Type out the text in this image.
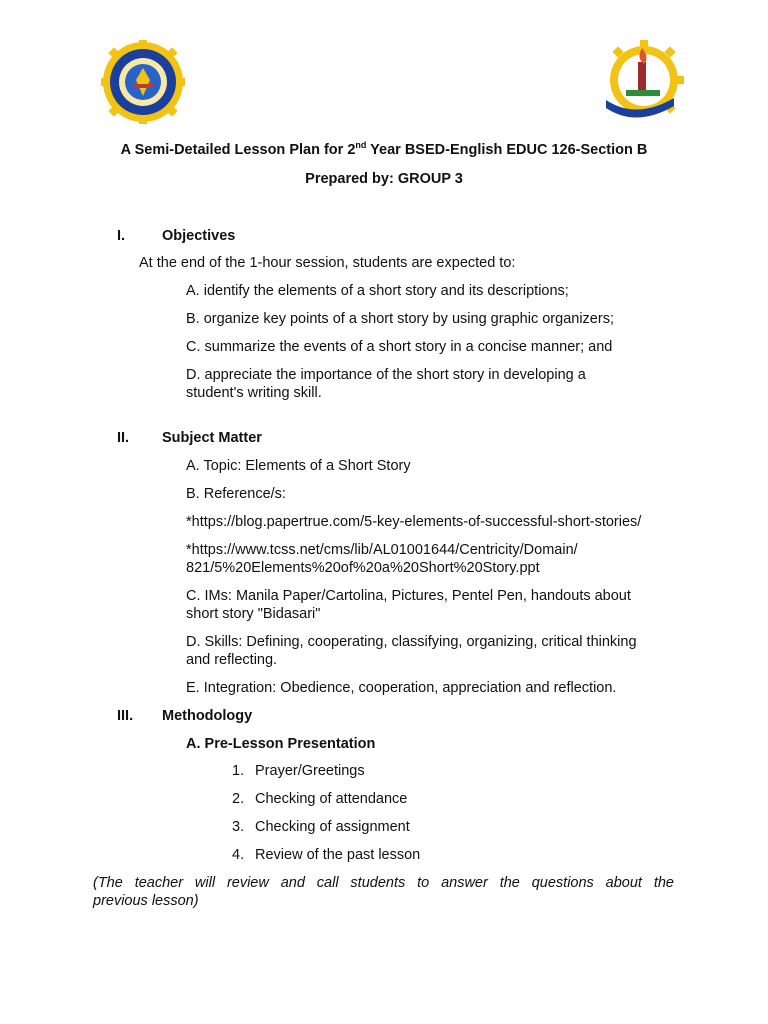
A Semi-Detailed Lesson Plan for 2nd Year BSED-English EDUC 126-Section B
Prepared by: GROUP 3
I.	Objectives
At the end of the 1-hour session, students are expected to:
A. identify the elements of a short story and its descriptions;
B. organize key points of a short story by using graphic organizers;
C. summarize the events of a short story in a concise manner; and
D. appreciate the importance of the short story in developing a
student's writing skill.
II. Subject Matter
A. Topic: Elements of a Short Story
B. Reference/s:
*https://blog.papertrue.com/5-key-elements-of-successful-short-stories/
*https://www.tcss.net/cms/lib/AL01001644/Centricity/Domain/
821/5%20Elements%20of%20a%20Short%20Story.ppt
C. IMs: Manila Paper/Cartolina, Pictures, Pentel Pen, handouts about
short story "Bidasari"
D. Skills: Defining, cooperating, classifying, organizing, critical thinking
and reflecting.
E. Integration: Obedience, cooperation, appreciation and reflection.
III. Methodology
A. Pre-Lesson Presentation
1. Prayer/Greetings
2. Checking of attendance
3. Checking of assignment
4. Review of the past lesson
(The teacher will review and call students to answer the questions about the
previous lesson)
